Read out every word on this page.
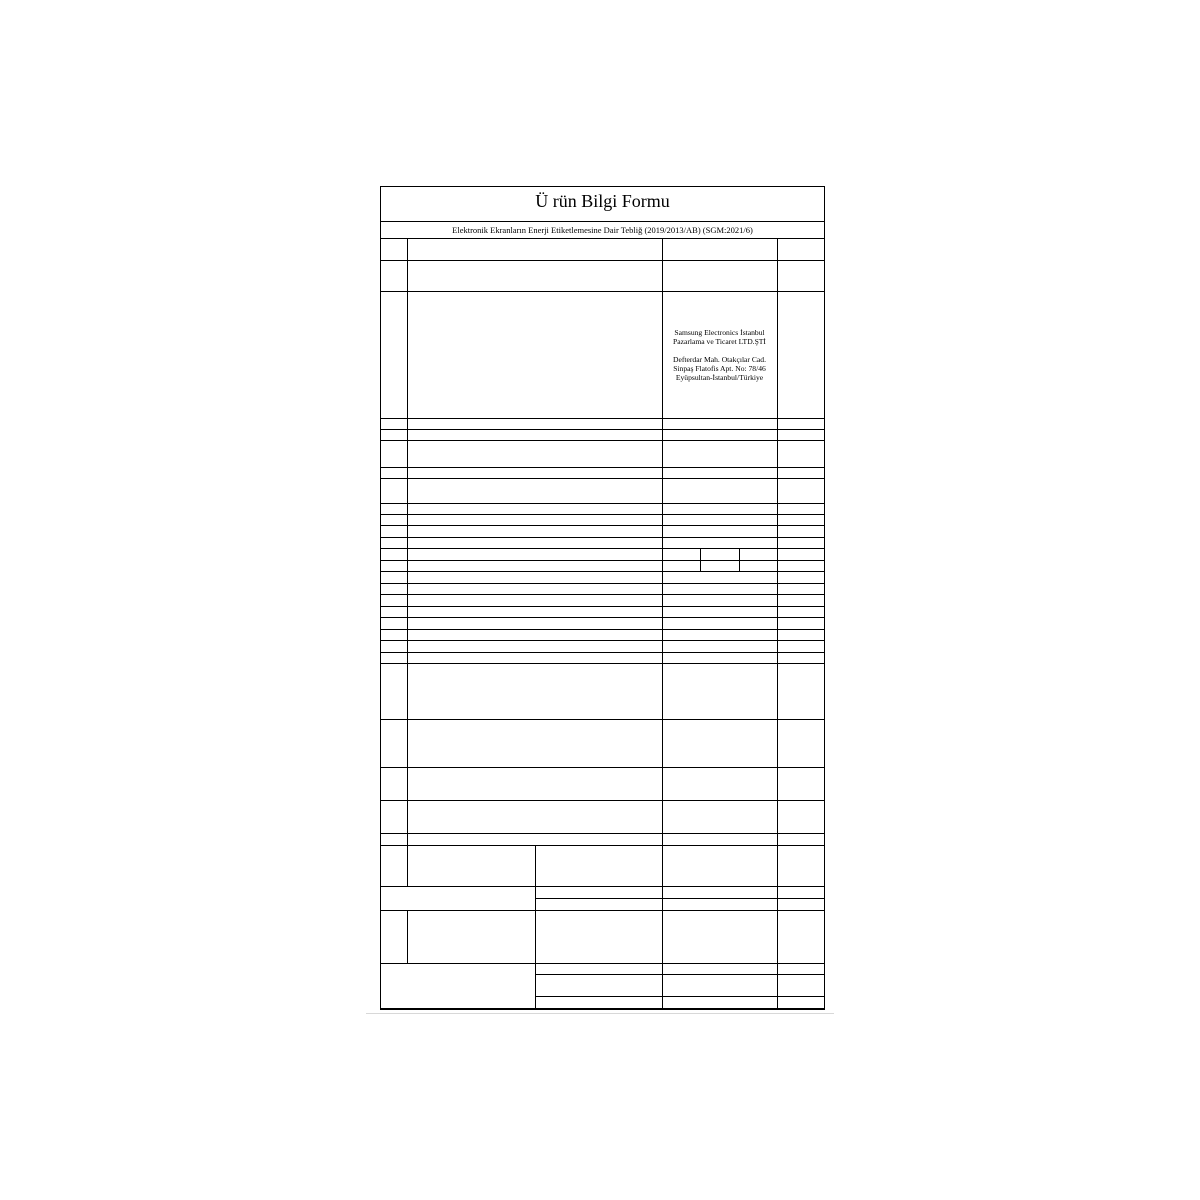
Ü rün Bilgi Formu
Elektronik Ekranların Enerji Etiketlemesine Dair Tebliğ (2019/2013/AB) (SGM:2021/6)
Samsung Electronics İstanbul
Pazarlama ve Ticaret LTD.ŞTİ
Defterdar Mah. Otakçılar Cad.
Sinpaş Flatofis Apt. No: 78/46
Eyüpsultan-İstanbul/Türkiye
